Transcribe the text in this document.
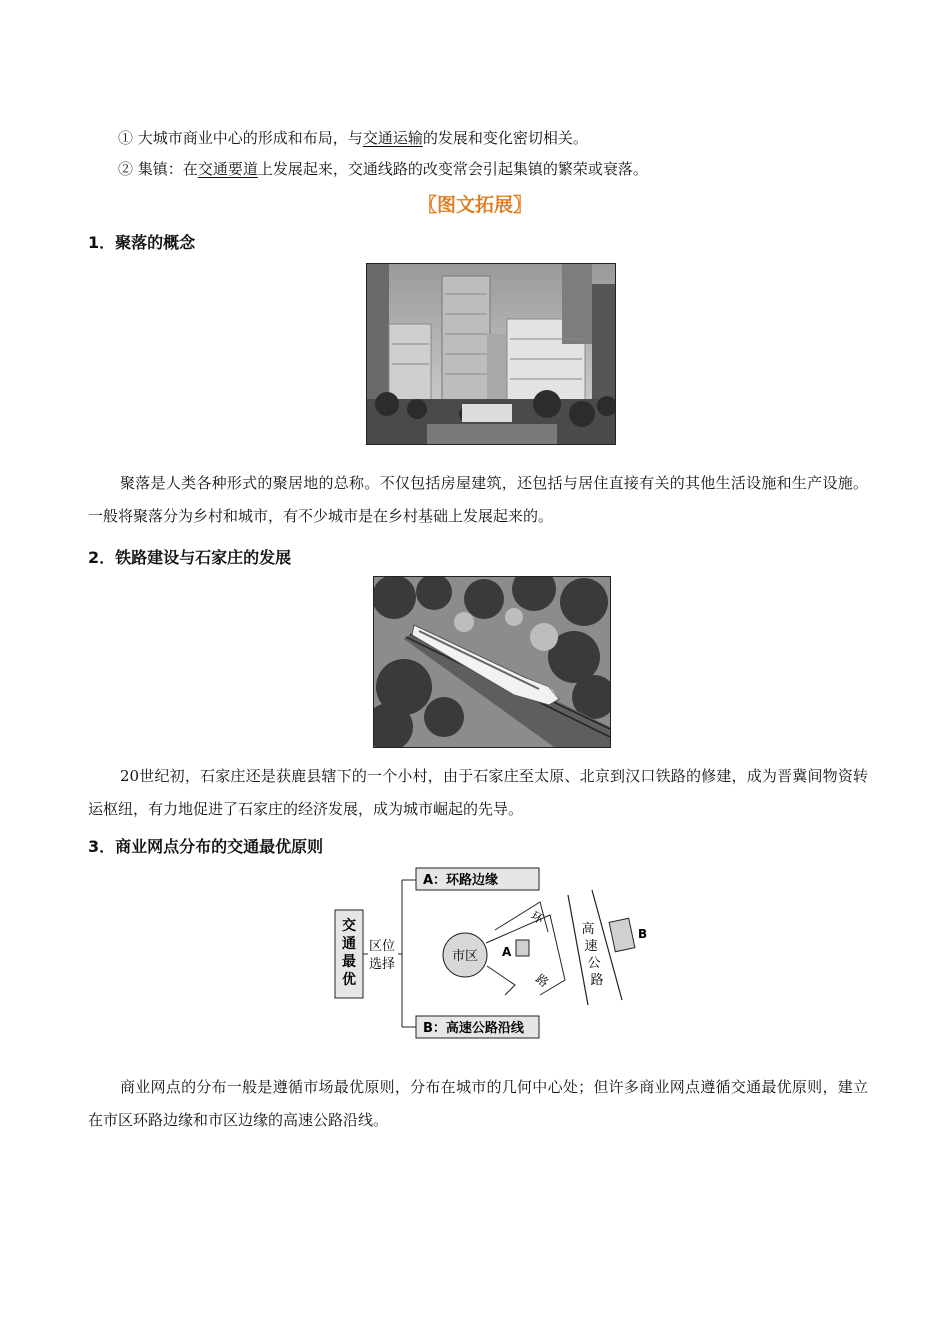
① 大城市商业中心的形成和布局，与交通运输的发展和变化密切相关。
② 集镇：在交通要道上发展起来，交通线路的改变常会引起集镇的繁荣或衰落。
〖图文拓展〗
1．聚落的概念
聚落是人类各种形式的聚居地的总称。不仅包括房屋建筑，还包括与居住直接有关的其他生活设施和生产设施。一般将聚落分为乡村和城市，有不少城市是在乡村基础上发展起来的。
2．铁路建设与石家庄的发展
20世纪初，石家庄还是获鹿县辖下的一个小村，由于石家庄至太原、北京到汉口铁路的修建，成为晋冀间物资转运枢纽，有力地促进了石家庄的经济发展，成为城市崛起的先导。
3．商业网点分布的交通最优原则
交
通
最
优
区位
选择
A：环路边缘
B：高速公路沿线
市区
环
路
A
高
速
公
路
B
商业网点的分布一般是遵循市场最优原则，分布在城市的几何中心处；但许多商业网点遵循交通最优原则，建立在市区环路边缘和市区边缘的高速公路沿线。
